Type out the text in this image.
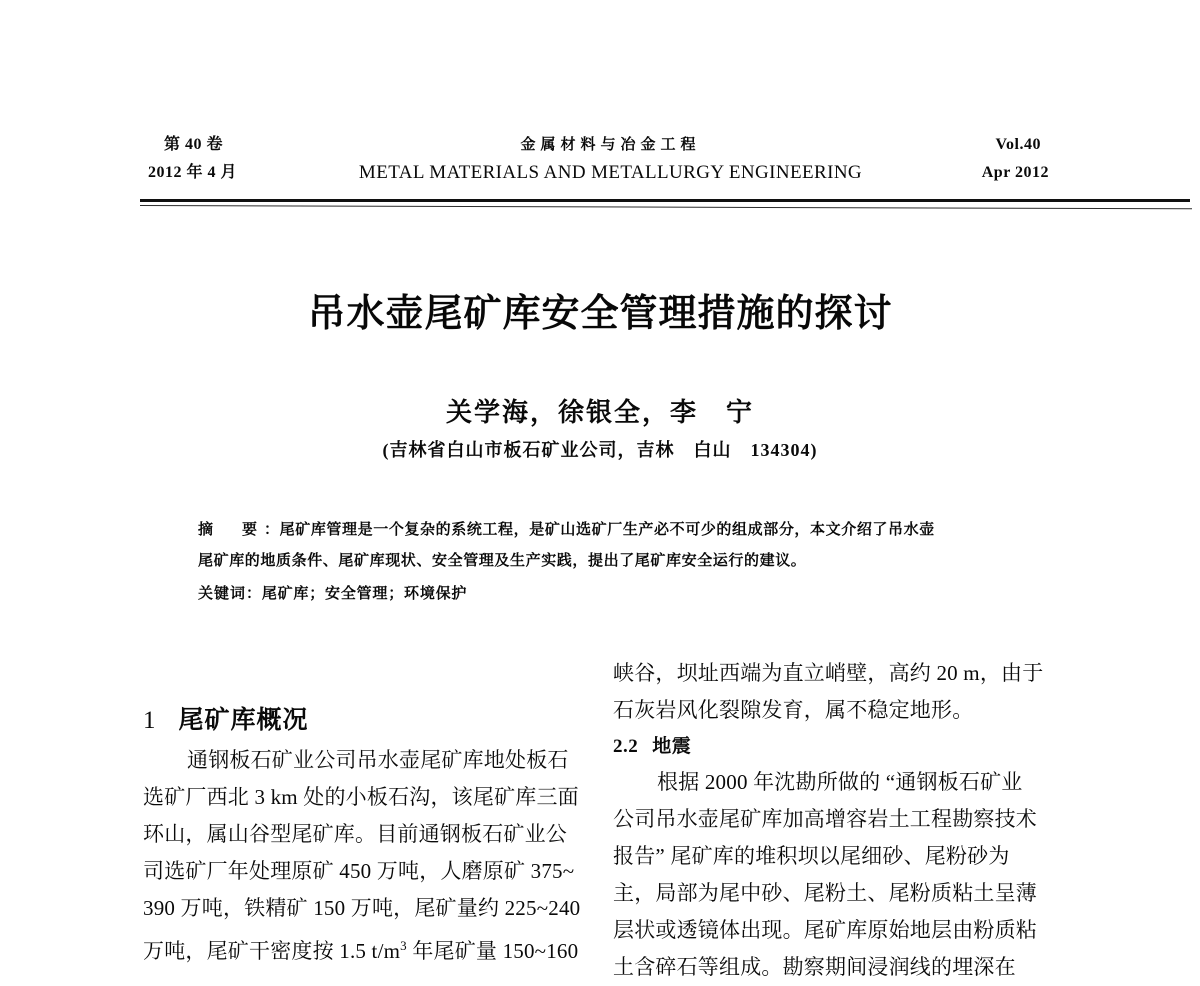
第 40 卷
2012 年 4 月
金属材料与冶金工程
METAL MATERIALS AND METALLURGY ENGINEERING
Vol.40
Apr 2012
吊水壶尾矿库安全管理措施的探讨
关学海，徐银全，李　宁
(吉林省白山市板石矿业公司，吉林　白山　134304)
摘　要：尾矿库管理是一个复杂的系统工程，是矿山选矿厂生产必不可少的组成部分，本文介绍了吊水壶
尾矿库的地质条件、尾矿库现状、安全管理及生产实践，提出了尾矿库安全运行的建议。
关键词：尾矿库；安全管理；环境保护
1 尾矿库概况
通钢板石矿业公司吊水壶尾矿库地处板石
选矿厂西北 3 km 处的小板石沟，该尾矿库三面
环山，属山谷型尾矿库。目前通钢板石矿业公
司选矿厂年处理原矿 450 万吨，人磨原矿 375~
390 万吨，铁精矿 150 万吨，尾矿量约 225~240
万吨，尾矿干密度按 1.5 $t/m^3$ 年尾矿量 150~160
峡谷，坝址西端为直立峭壁，高约 20 m，由于
石灰岩风化裂隙发育，属不稳定地形。
2.2 地震
根据 2000 年沈勘所做的 “通钢板石矿业
公司吊水壶尾矿库加高增容岩土工程勘察技术
报告” 尾矿库的堆积坝以尾细砂、尾粉砂为
主，局部为尾中砂、尾粉土、尾粉质粘土呈薄
层状或透镜体出现。尾矿库原始地层由粉质粘
土含碎石等组成。勘察期间浸润线的埋深在
